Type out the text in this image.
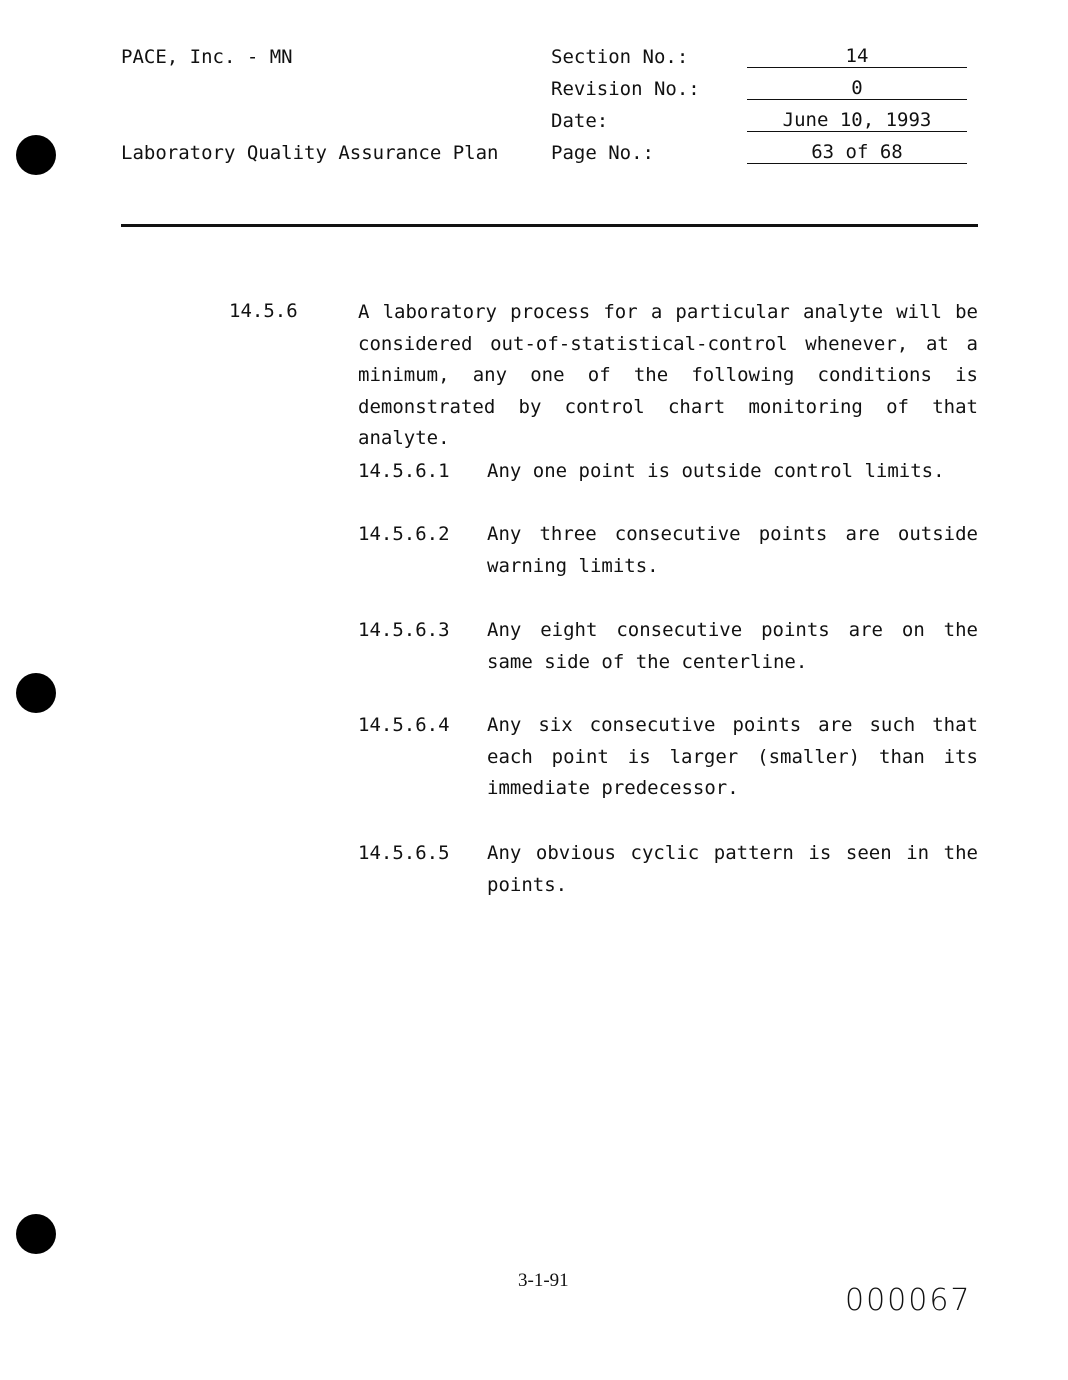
PACE, Inc. - MN
Laboratory Quality Assurance Plan
Section No.:	14
Revision No.:	0
Date:	June 10, 1993
Page No.:	63 of 68
14.5.6	A laboratory process for a particular analyte will be considered out-of-statistical-control whenever, at a minimum, any one of the following conditions is demonstrated by control chart monitoring of that analyte.
14.5.6.1 Any one point is outside control limits.
14.5.6.2 Any three consecutive points are outside warning limits.
14.5.6.3 Any eight consecutive points are on the same side of the centerline.
14.5.6.4 Any six consecutive points are such that each point is larger (smaller) than its immediate predecessor.
14.5.6.5 Any obvious cyclic pattern is seen in the points.
3-1-91
000067
